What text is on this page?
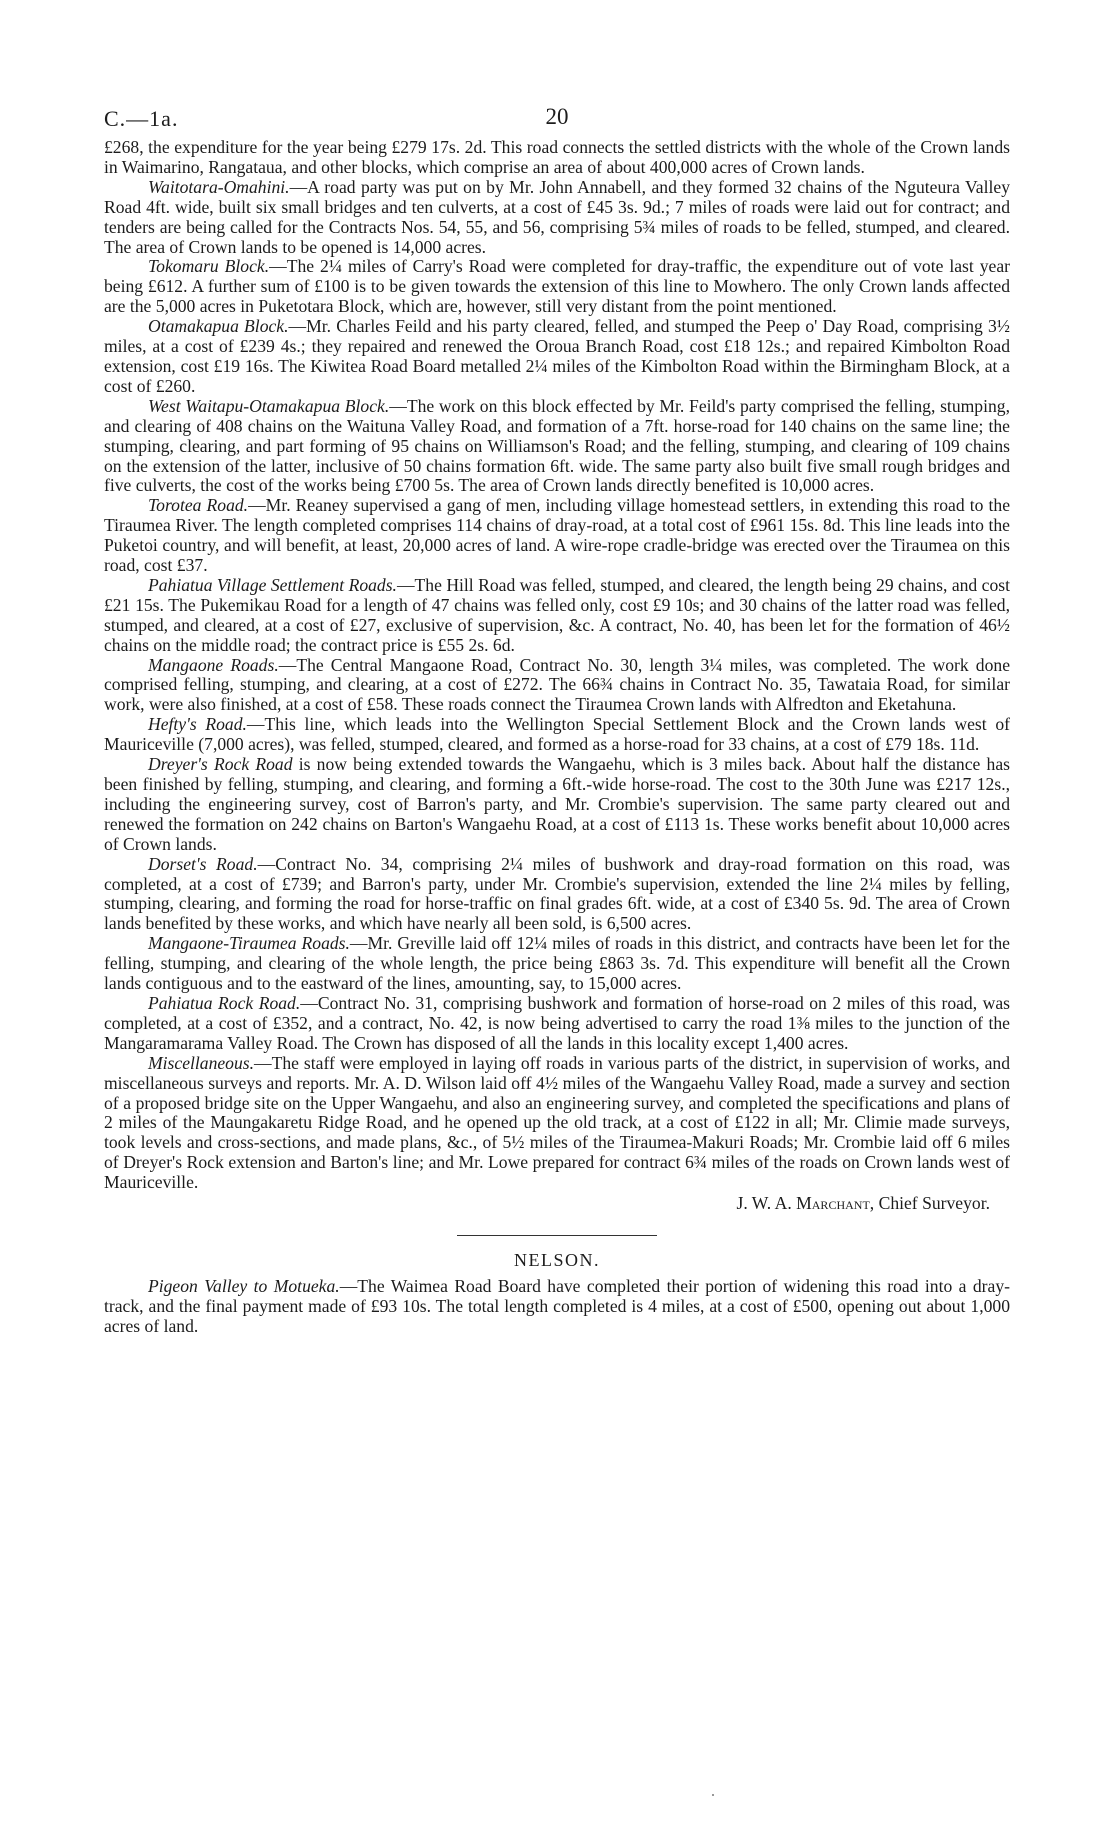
C.—1a.	20

£268, the expenditure for the year being £279 17s. 2d. This road connects the settled districts with the whole of the Crown lands in Waimarino, Rangataua, and other blocks, which comprise an area of about 400,000 acres of Crown lands.

Waitotara-Omahini.—A road party was put on by Mr. John Annabell, and they formed 32 chains of the Nguteura Valley Road 4ft. wide, built six small bridges and ten culverts, at a cost of £45 3s. 9d.; 7 miles of roads were laid out for contract; and tenders are being called for the Contracts Nos. 54, 55, and 56, comprising 5¾ miles of roads to be felled, stumped, and cleared. The area of Crown lands to be opened is 14,000 acres.

Tokomaru Block.—The 2¼ miles of Carry's Road were completed for dray-traffic, the expenditure out of vote last year being £612. A further sum of £100 is to be given towards the extension of this line to Mowhero. The only Crown lands affected are the 5,000 acres in Puketotara Block, which are, however, still very distant from the point mentioned.

Otamakapua Block.—Mr. Charles Feild and his party cleared, felled, and stumped the Peep o' Day Road, comprising 3½ miles, at a cost of £239 4s.; they repaired and renewed the Oroua Branch Road, cost £18 12s.; and repaired Kimbolton Road extension, cost £19 16s. The Kiwitea Road Board metalled 2¼ miles of the Kimbolton Road within the Birmingham Block, at a cost of £260.

West Waitapu-Otamakapua Block.—The work on this block effected by Mr. Feild's party comprised the felling, stumping, and clearing of 408 chains on the Waituna Valley Road, and formation of a 7ft. horse-road for 140 chains on the same line; the stumping, clearing, and part forming of 95 chains on Williamson's Road; and the felling, stumping, and clearing of 109 chains on the extension of the latter, inclusive of 50 chains formation 6ft. wide. The same party also built five small rough bridges and five culverts, the cost of the works being £700 5s. The area of Crown lands directly benefited is 10,000 acres.

Torotea Road.—Mr. Reaney supervised a gang of men, including village homestead settlers, in extending this road to the Tiraumea River. The length completed comprises 114 chains of dray-road, at a total cost of £961 15s. 8d. This line leads into the Puketoi country, and will benefit, at least, 20,000 acres of land. A wire-rope cradle-bridge was erected over the Tiraumea on this road, cost £37.

Pahiatua Village Settlement Roads.—The Hill Road was felled, stumped, and cleared, the length being 29 chains, and cost £21 15s. The Pukemikau Road for a length of 47 chains was felled only, cost £9 10s; and 30 chains of the latter road was felled, stumped, and cleared, at a cost of £27, exclusive of supervision, &c. A contract, No. 40, has been let for the formation of 46½ chains on the middle road; the contract price is £55 2s. 6d.

Mangaone Roads.—The Central Mangaone Road, Contract No. 30, length 3¼ miles, was completed. The work done comprised felling, stumping, and clearing, at a cost of £272. The 66¾ chains in Contract No. 35, Tawataia Road, for similar work, were also finished, at a cost of £58. These roads connect the Tiraumea Crown lands with Alfredton and Eketahuna.

Hefty's Road.—This line, which leads into the Wellington Special Settlement Block and the Crown lands west of Mauriceville (7,000 acres), was felled, stumped, cleared, and formed as a horse-road for 33 chains, at a cost of £79 18s. 11d.

Dreyer's Rock Road is now being extended towards the Wangaehu, which is 3 miles back. About half the distance has been finished by felling, stumping, and clearing, and forming a 6ft.-wide horse-road. The cost to the 30th June was £217 12s., including the engineering survey, cost of Barron's party, and Mr. Crombie's supervision. The same party cleared out and renewed the formation on 242 chains on Barton's Wangaehu Road, at a cost of £113 1s. These works benefit about 10,000 acres of Crown lands.

Dorset's Road.—Contract No. 34, comprising 2¼ miles of bushwork and dray-road formation on this road, was completed, at a cost of £739; and Barron's party, under Mr. Crombie's supervision, extended the line 2¼ miles by felling, stumping, clearing, and forming the road for horse-traffic on final grades 6ft. wide, at a cost of £340 5s. 9d. The area of Crown lands benefited by these works, and which have nearly all been sold, is 6,500 acres.

Mangaone-Tiraumea Roads.—Mr. Greville laid off 12¼ miles of roads in this district, and contracts have been let for the felling, stumping, and clearing of the whole length, the price being £863 3s. 7d. This expenditure will benefit all the Crown lands contiguous and to the eastward of the lines, amounting, say, to 15,000 acres.

Pahiatua Rock Road.—Contract No. 31, comprising bushwork and formation of horse-road on 2 miles of this road, was completed, at a cost of £352, and a contract, No. 42, is now being advertised to carry the road 1⅜ miles to the junction of the Mangaramarama Valley Road. The Crown has disposed of all the lands in this locality except 1,400 acres.

Miscellaneous.—The staff were employed in laying off roads in various parts of the district, in supervision of works, and miscellaneous surveys and reports. Mr. A. D. Wilson laid off 4½ miles of the Wangaehu Valley Road, made a survey and section of a proposed bridge site on the Upper Wangaehu, and also an engineering survey, and completed the specifications and plans of 2 miles of the Maungakaretu Ridge Road, and he opened up the old track, at a cost of £122 in all; Mr. Climie made surveys, took levels and cross-sections, and made plans, &c., of 5½ miles of the Tiraumea-Makuri Roads; Mr. Crombie laid off 6 miles of Dreyer's Rock extension and Barton's line; and Mr. Lowe prepared for contract 6¾ miles of the roads on Crown lands west of Mauriceville.

J. W. A. Marchant, Chief Surveyor.
NELSON.

Pigeon Valley to Motueka.—The Waimea Road Board have completed their portion of widening this road into a dray-track, and the final payment made of £93 10s. The total length completed is 4 miles, at a cost of £500, opening out about 1,000 acres of land.
